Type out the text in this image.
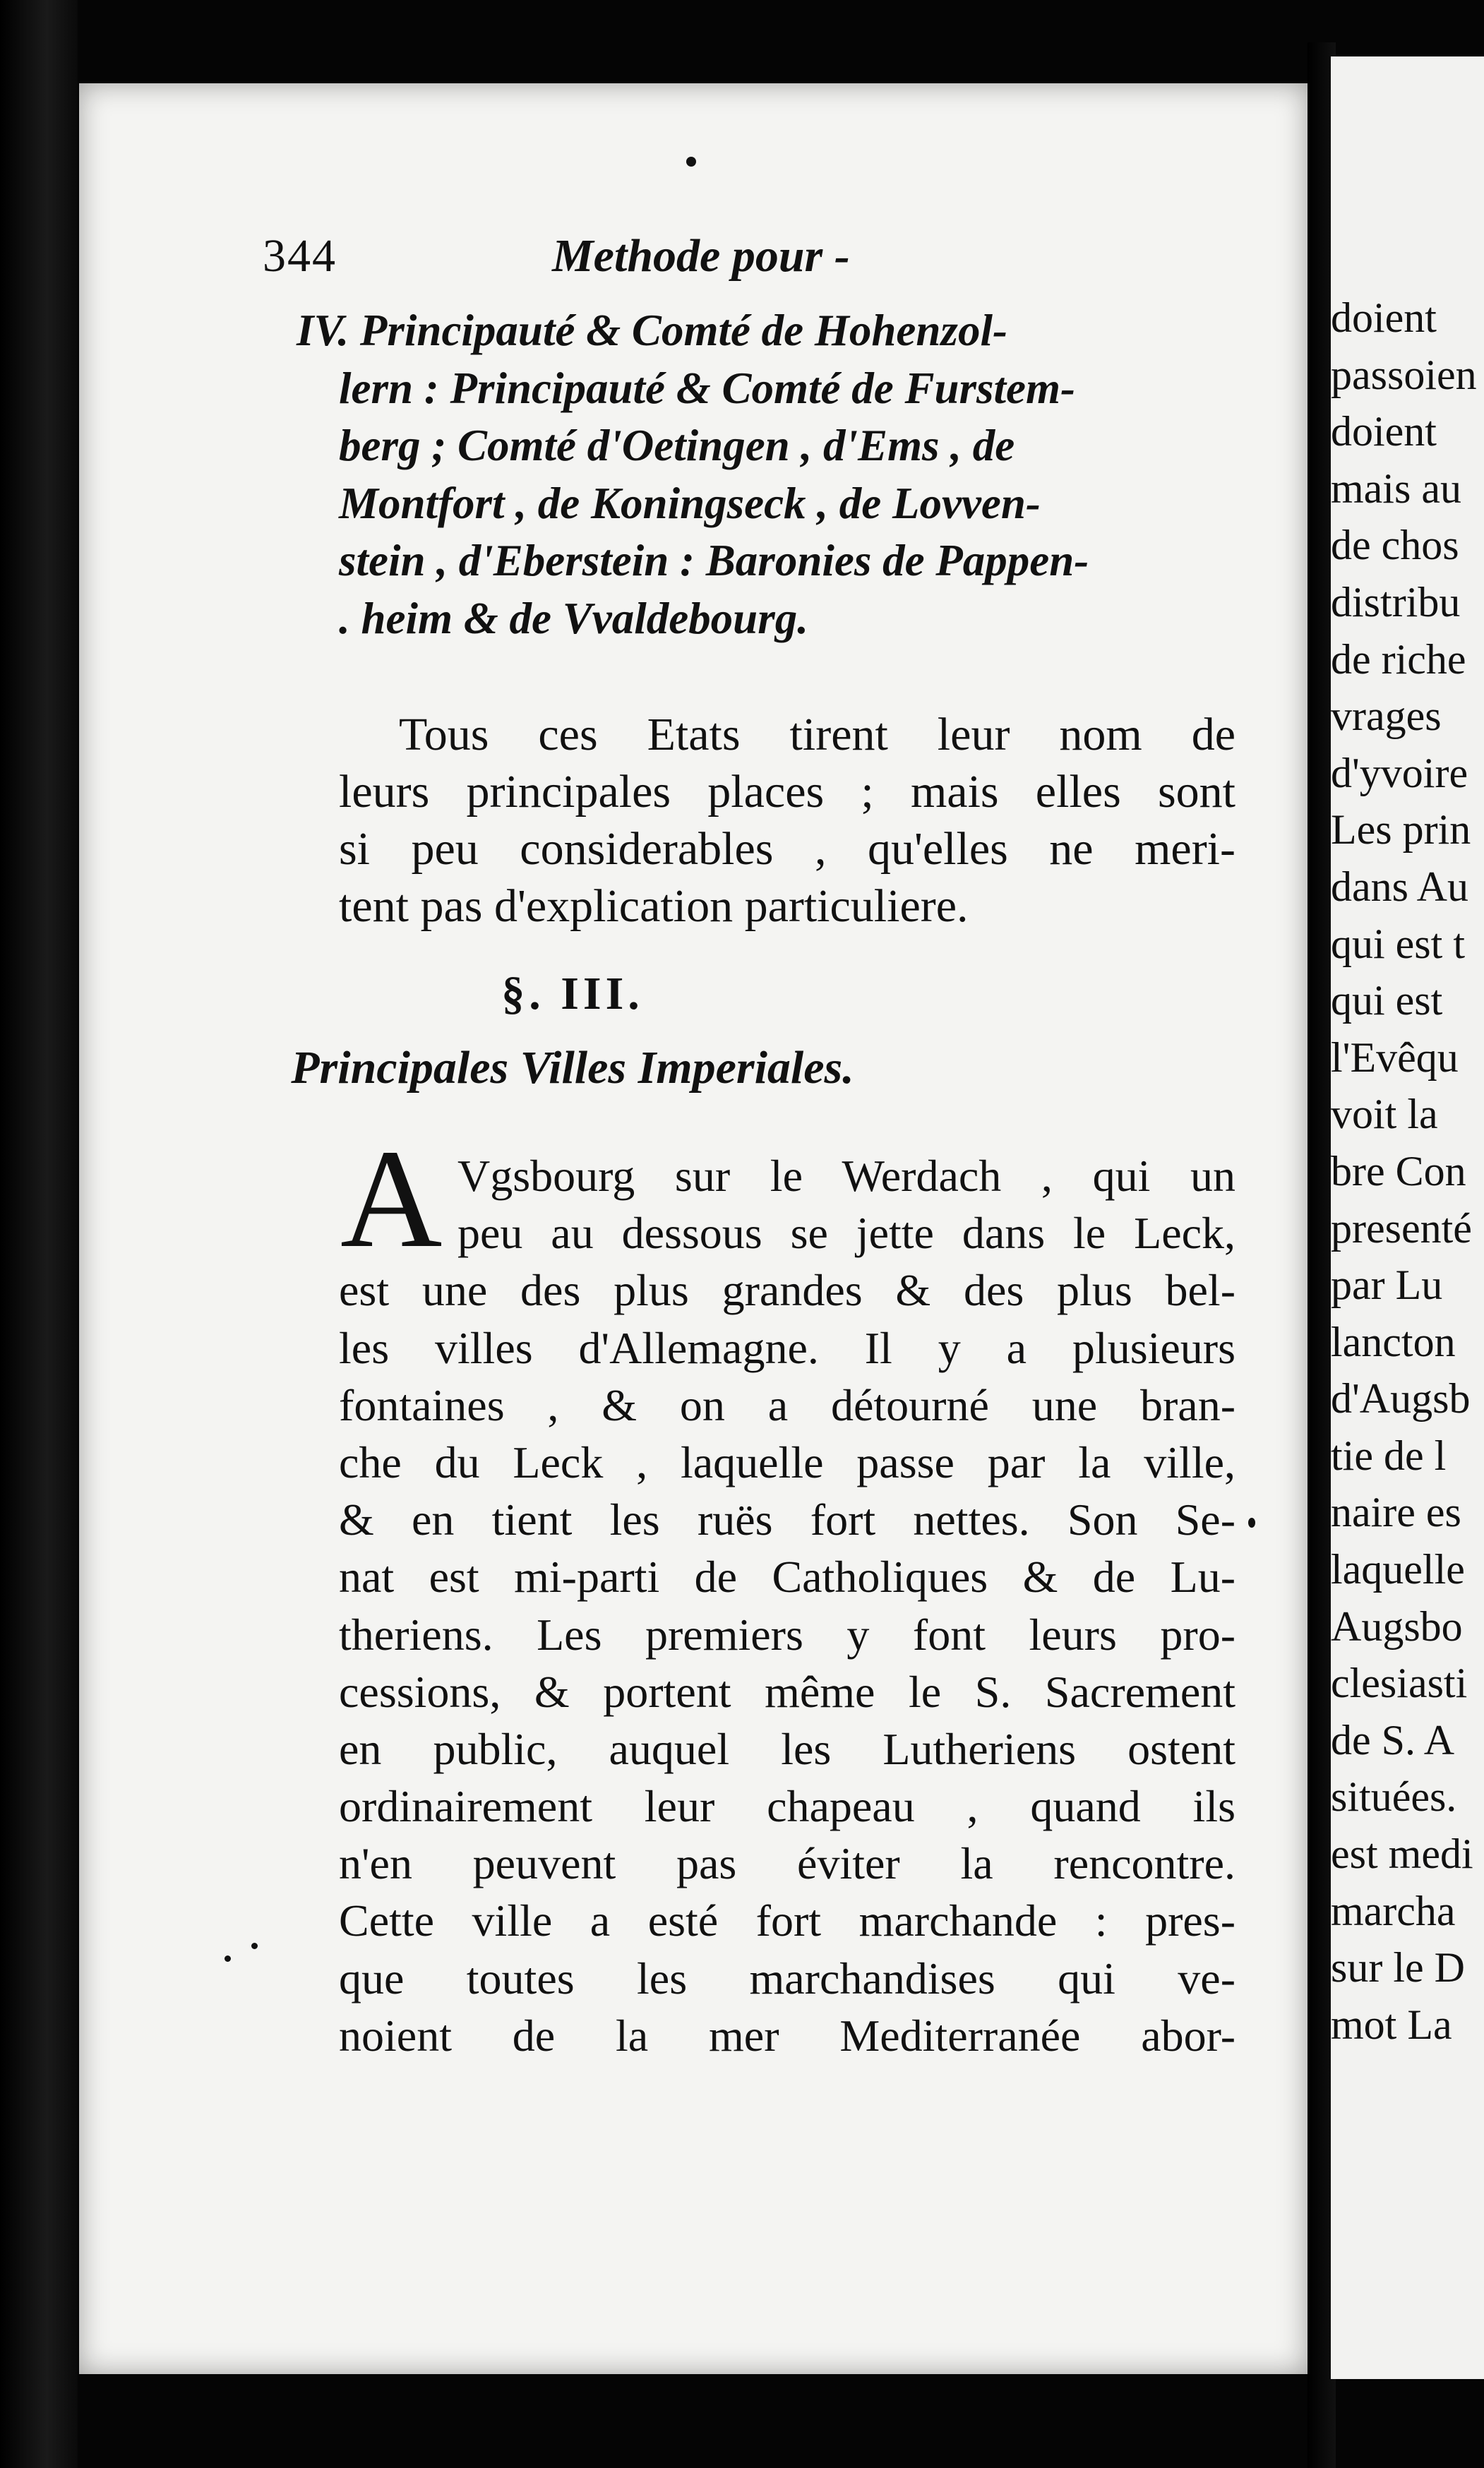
doient
passoien
doient
mais au
de chos
distribu
de riche
vrages
d'yvoire
Les prin
dans Au
qui est t
qui est
l'Evêqu
voit la
bre Con
presenté
par Lu
lancton
d'Augsb
tie de l
naire es
laquelle
Augsbo
clesiasti
de S. A
situées.
est medi
marcha
sur le D
mot La
344	Methode pour -
IV. Principauté & Comté de Hohenzol-
lern : Principauté & Comté de Furstem-
berg ; Comté d'Oetingen , d'Ems , de
Montfort , de Koningseck , de Lovven-
stein , d'Eberstein : Baronies de Pappen-
. heim & de Vvaldebourg.
Tous ces Etats tirent leur nom de
leurs principales places ; mais elles sont
si peu considerables , qu'elles ne meri-
tent pas d'explication particuliere.
§. III.
Principales Villes Imperiales.
A Vgsbourg sur le Werdach , qui un
peu au dessous se jette dans le Leck,
est une des plus grandes & des plus bel-
les villes d'Allemagne. Il y a plusieurs
fontaines , & on a détourné une bran-
che du Leck , laquelle passe par la ville,
& en tient les ruës fort nettes. Son Se-
nat est mi-parti de Catholiques & de Lu-
theriens. Les premiers y font leurs pro-
cessions, & portent même le S. Sacrement
en public, auquel les Lutheriens ostent
ordinairement leur chapeau , quand ils
n'en peuvent pas éviter la rencontre.
Cette ville a esté fort marchande : pres-
que toutes les marchandises qui ve-
noient de la mer Mediterranée abor-
